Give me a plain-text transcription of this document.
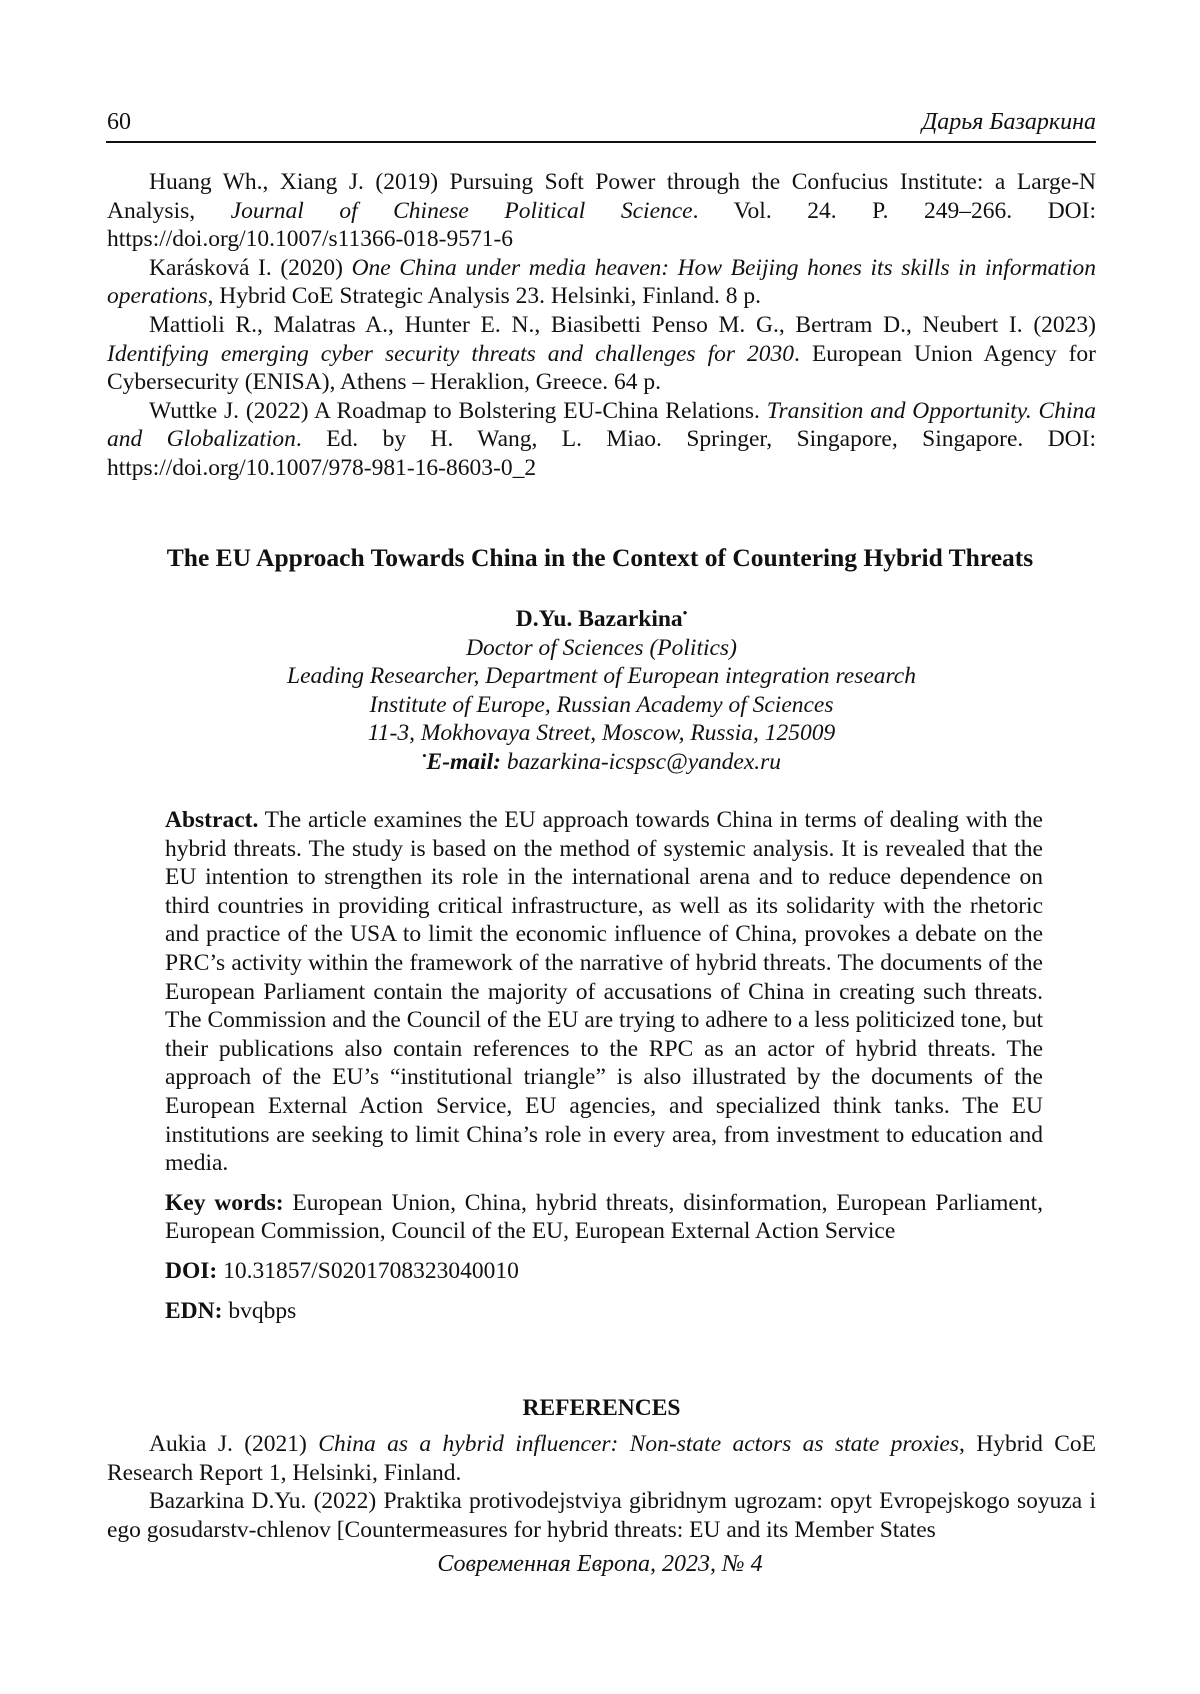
60	Дарья Базаркина

Huang Wh., Xiang J. (2019) Pursuing Soft Power through the Confucius Institute: a Large-N Analysis, Journal of Chinese Political Science. Vol. 24. P. 249–266. DOI: https://doi.org/10.1007/s11366-018-9571-6

Karásková I. (2020) One China under media heaven: How Beijing hones its skills in information operations, Hybrid CoE Strategic Analysis 23. Helsinki, Finland. 8 p.

Mattioli R., Malatras A., Hunter E. N., Biasibetti Penso M. G., Bertram D., Neubert I. (2023) Identifying emerging cyber security threats and challenges for 2030. European Union Agency for Cybersecurity (ENISA), Athens – Heraklion, Greece. 64 p.

Wuttke J. (2022) A Roadmap to Bolstering EU-China Relations. Transition and Opportunity. China and Globalization. Ed. by H. Wang, L. Miao. Springer, Singapore, Singapore. DOI: https://doi.org/10.1007/978-981-16-8603-0_2

The EU Approach Towards China in the Context of Countering Hybrid Threats
D.Yu. Bazarkina•
Doctor of Sciences (Politics)
Leading Researcher, Department of European integration research
Institute of Europe, Russian Academy of Sciences
11-3, Mokhovaya Street, Moscow, Russia, 125009
•E-mail: bazarkina-icspsc@yandex.ru

Abstract. The article examines the EU approach towards China in terms of dealing with the hybrid threats. The study is based on the method of systemic analysis. It is revealed that the EU intention to strengthen its role in the international arena and to reduce dependence on third countries in providing critical infrastructure, as well as its solidarity with the rhetoric and practice of the USA to limit the economic influence of China, provokes a debate on the PRC’s activity within the framework of the narrative of hybrid threats. The documents of the European Parliament contain the majority of accusations of China in creating such threats. The Commission and the Council of the EU are trying to adhere to a less politicized tone, but their publications also contain references to the RPC as an actor of hybrid threats. The approach of the EU’s “institutional triangle” is also illustrated by the documents of the European External Action Service, EU agencies, and specialized think tanks. The EU institutions are seeking to limit China’s role in every area, from investment to education and media.

Key words: European Union, China, hybrid threats, disinformation, European Parliament, European Commission, Council of the EU, European External Action Service

DOI: 10.31857/S0201708323040010

EDN: bvqbps

REFERENCES

Aukia J. (2021) China as a hybrid influencer: Non-state actors as state proxies, Hybrid CoE Research Report 1, Helsinki, Finland.

Bazarkina D.Yu. (2022) Praktika protivodejstviya gibridnym ugrozam: opyt Evropejskogo soyuza i ego gosudarstv-chlenov [Countermeasures for hybrid threats: EU and its Member States

Современная Европа, 2023, № 4
